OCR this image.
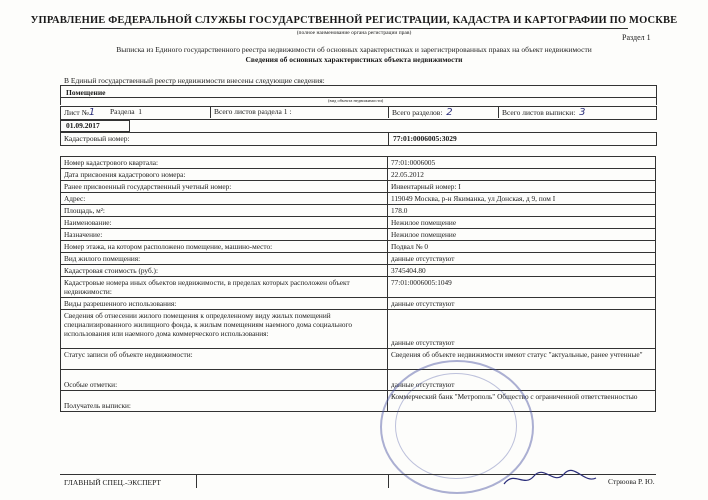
УПРАВЛЕНИЕ ФЕДЕРАЛЬНОЙ СЛУЖБЫ ГОСУДАРСТВЕННОЙ РЕГИСТРАЦИИ, КАДАСТРА И КАРТОГРАФИИ ПО МОСКВЕ
(полное наименование органа регистрации прав)	Раздел 1
Выписка из Единого государственного реестра недвижимости об основных характеристиках и зарегистрированных правах на объект недвижимости
Сведения об основных характеристиках объекта недвижимости
В Единый государственный реестр недвижимости внесены следующие сведения:
Помещение
(вид объекта недвижимости)
Лист №1 Раздела 1	Всего листов раздела 1 :	Всего разделов: 2	Всего листов выписки: 3
01.09.2017
Кадастровый номер:	77:01:0006005:3029
Номер кадастрового квартала:	77:01:0006005
Дата присвоения кадастрового номера:	22.05.2012
Ранее присвоенный государственный учетный номер:	Инвентарный номер: I
Адрес:	119049 Москва, р-н Якиманка, ул Донская, д 9, пом I
Площадь, м²:	178.0
Наименование:	Нежилое помещение
Назначение:	Нежилое помещение
Номер этажа, на котором расположено помещение, машино-место:	Подвал № 0
Вид жилого помещения:	данные отсутствуют
Кадастровая стоимость (руб.):	3745404.80
Кадастровые номера иных объектов недвижимости, в пределах которых расположен объект недвижимости:	77:01:0006005:1049
Виды разрешенного использования:	данные отсутствуют
Сведения об отнесении жилого помещения к определенному виду жилых помещений специализированного жилищного фонда, к жилым помещениям наемного дома социального использования или наемного дома коммерческого использования:	данные отсутствуют
Статус записи об объекте недвижимости:	Сведения об объекте недвижимости имеют статус "актуальные, ранее учтенные"
Особые отметки:	данные отсутствуют
Получатель выписки:	Коммерческий банк "Метрополь" Общество с ограниченной ответственностью
ГЛАВНЫЙ СПЕЦ.-ЭКСПЕРТ	Стрюова Р. Ю.
